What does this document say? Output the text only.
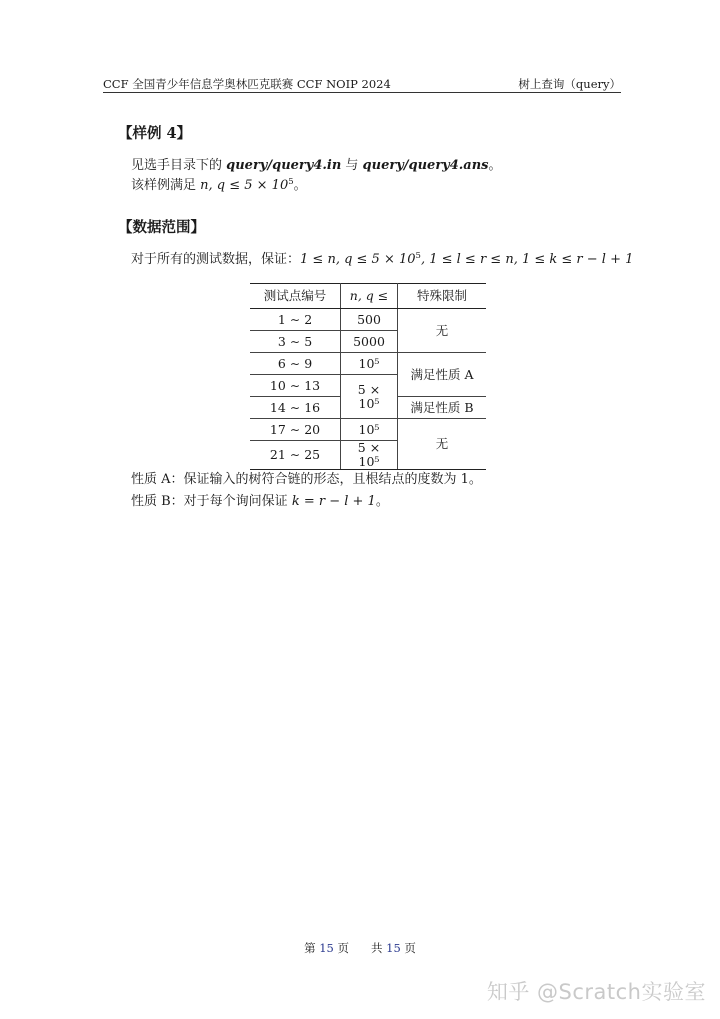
CCF 全国青少年信息学奥林匹克联赛 CCF NOIP 2024	树上查询（query）
【样例 4】
见选手目录下的 query/query4.in 与 query/query4.ans。
该样例满足 n, $q \le 5 \times 10^5$。
【数据范围】
对于所有的测试数据，保证：1 ≤ n, $q \le 5 \times 10^5$, 1 ≤ l ≤ r ≤ n, 1 ≤ k ≤ r − l + 1
测试点编号	n, q ≤	特殊限制
1 ∼ 2	500	无
3 ∼ 5	5000	
6 ∼ 9	10⁵	满足性质 A
10 ∼ 13	5 × 10⁵	
14 ∼ 16		满足性质 B
17 ∼ 20	10⁵	无
21 ∼ 25	5 × 10⁵	
性质 A：保证输入的树符合链的形态，且根结点的度数为 1。
性质 B：对于每个询问保证 k = r − l + 1。
第 15 页 共 15 页
知乎 @Scratch实验室
